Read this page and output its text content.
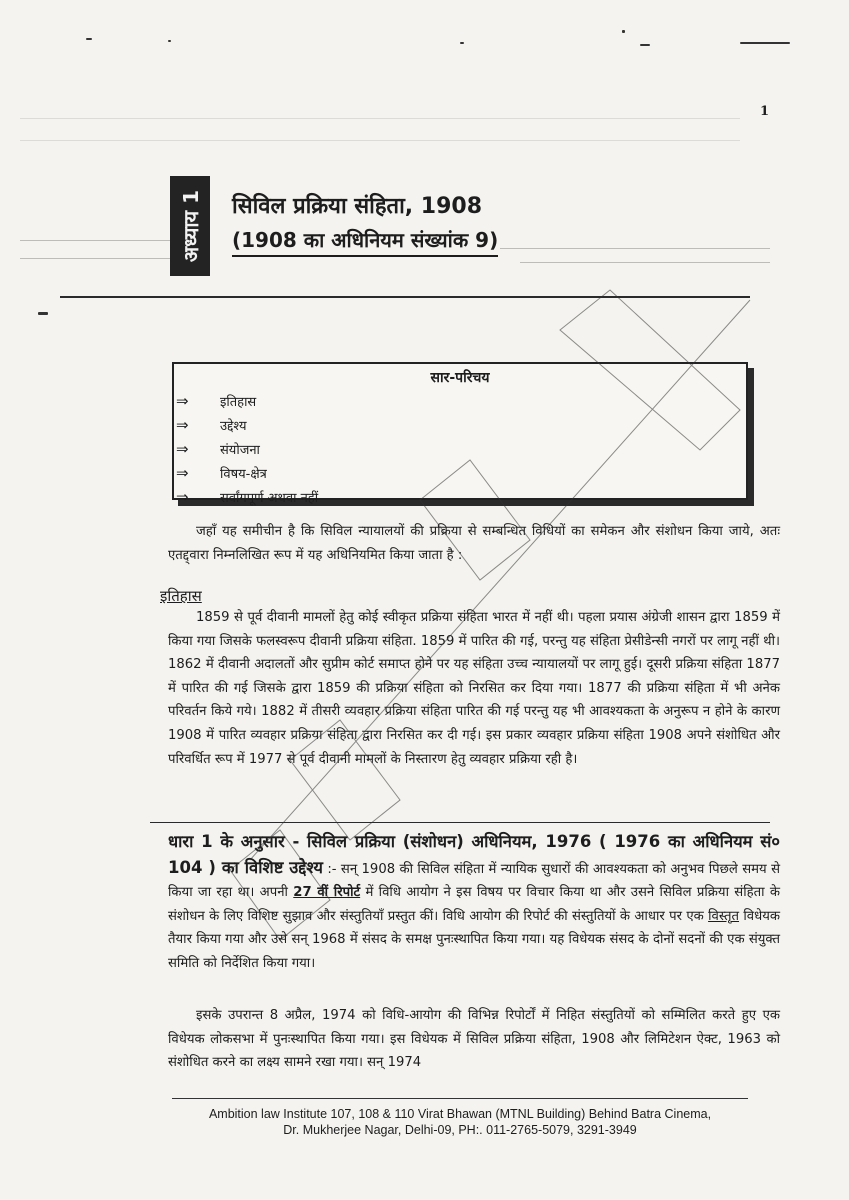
1
अध्याय 1 सिविल प्रक्रिया संहिता, 1908
(1908 का अधिनियम संख्यांक 9)
सार-परिचय
⇒	इतिहास
⇒	उद्देश्य
⇒	संयोजना
⇒	विषय-क्षेत्र
⇒	सर्वांगपूर्ण अथवा नहीं

जहाँ यह समीचीन है कि सिविल न्यायालयों की प्रक्रिया से सम्बन्धित विधियों का समेकन और संशोधन किया जाये, अतः एतद्द्वारा निम्नलिखित रूप में यह अधिनियमित किया जाता है :

इतिहास

1859 से पूर्व दीवानी मामलों हेतु कोई स्वीकृत प्रक्रिया संहिता भारत में नहीं थी। पहला प्रयास अंग्रेजी शासन द्वारा 1859 में किया गया जिसके फलस्वरूप दीवानी प्रक्रिया संहिता. 1859 में पारित की गई, परन्तु यह संहिता प्रेसीडेन्सी नगरों पर लागू नहीं थी। 1862 में दीवानी अदालतों और सुप्रीम कोर्ट समाप्त होने पर यह संहिता उच्च न्यायालयों पर लागू हुई। दूसरी प्रक्रिया संहिता 1877 में पारित की गई जिसके द्वारा 1859 की प्रक्रिया संहिता को निरसित कर दिया गया। 1877 की प्रक्रिया संहिता में भी अनेक परिवर्तन किये गये। 1882 में तीसरी व्यवहार प्रक्रिया संहिता पारित की गई परन्तु यह भी आवश्यकता के अनुरूप न होने के कारण 1908 में पारित व्यवहार प्रक्रिया संहिता द्वारा निरसित कर दी गई। इस प्रकार व्यवहार प्रक्रिया संहिता 1908 अपने संशोधित और परिवर्धित रूप में 1977 से पूर्व दीवानी मामलों के निस्तारण हेतु व्यवहार प्रक्रिया रही है।

धारा 1 के अनुसार - सिविल प्रक्रिया (संशोधन) अधिनियम, 1976 ( 1976 का अधिनियम सं० 104 ) का विशिष्ट उद्देश्य :- सन् 1908 की सिविल संहिता में न्यायिक सुधारों की आवश्यकता को अनुभव पिछले समय से किया जा रहा था। अपनी 27 वीं रिपोर्ट में विधि आयोग ने इस विषय पर विचार किया था और उसने सिविल प्रक्रिया संहिता के संशोधन के लिए विशिष्ट सुझाव और संस्तुतियाँ प्रस्तुत कीं। विधि आयोग की रिपोर्ट की संस्तुतियों के आधार पर एक विस्तृत विधेयक तैयार किया गया और उसे सन् 1968 में संसद के समक्ष पुनःस्थापित किया गया। यह विधेयक संसद के दोनों सदनों की एक संयुक्त समिति को निर्देशित किया गया।

इसके उपरान्त 8 अप्रैल, 1974 को विधि-आयोग की विभिन्न रिपोर्टों में निहित संस्तुतियों को सम्मिलित करते हुए एक विधेयक लोकसभा में पुनःस्थापित किया गया। इस विधेयक में सिविल प्रक्रिया संहिता, 1908 और लिमिटेशन ऐक्ट, 1963 को संशोधित करने का लक्ष्य सामने रखा गया। सन् 1974

Ambition law Institute 107, 108 & 110 Virat Bhawan (MTNL Building) Behind Batra Cinema,
Dr. Mukherjee Nagar, Delhi-09, PH:. 011-2765-5079, 3291-3949
